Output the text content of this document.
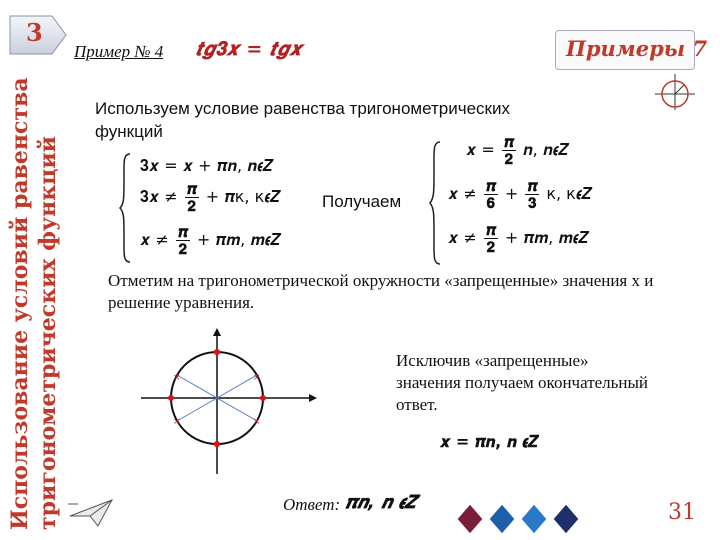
Использование условий равенства тригонометрических функций
3
Пример № 4 𝒕𝒈𝟑𝒙 = 𝒕𝒈𝒙	Примеры 7
Используем условие равенства тригонометрических функций
𝟑𝒙 = 𝒙 + 𝝅𝒏, 𝒏𝝐𝒁
𝟑𝒙 ≠ $\frac{\text{𝝅}}{𝟐}$ + 𝝅к, к𝝐𝒁
𝒙 ≠ $\frac{\text{𝝅}}{𝟐}$ + 𝝅𝒎, 𝒎𝝐𝒁
Получаем
𝒙 = $\frac{\text{𝝅}}{𝟐}$ 𝒏, 𝒏𝝐𝒁
𝒙 ≠ $\frac{\text{𝝅}}{𝟔} + \frac{\text{𝝅}}{𝟑} к$, к𝝐𝒁
𝒙 ≠ $\frac{\text{𝝅}}{𝟐}$ + 𝝅𝒎, 𝒎𝝐𝒁
Отметим на тригонометрической окружности «запрещенные» значения х и решение уравнения.
×
×
×	×
×
×
Исключив «запрещенные» значения получаем окончательный ответ.
𝒙 = 𝝅𝒏, 𝒏 𝝐𝒁
Ответ: 𝝅𝒏, 𝒏 𝝐𝒁	31
